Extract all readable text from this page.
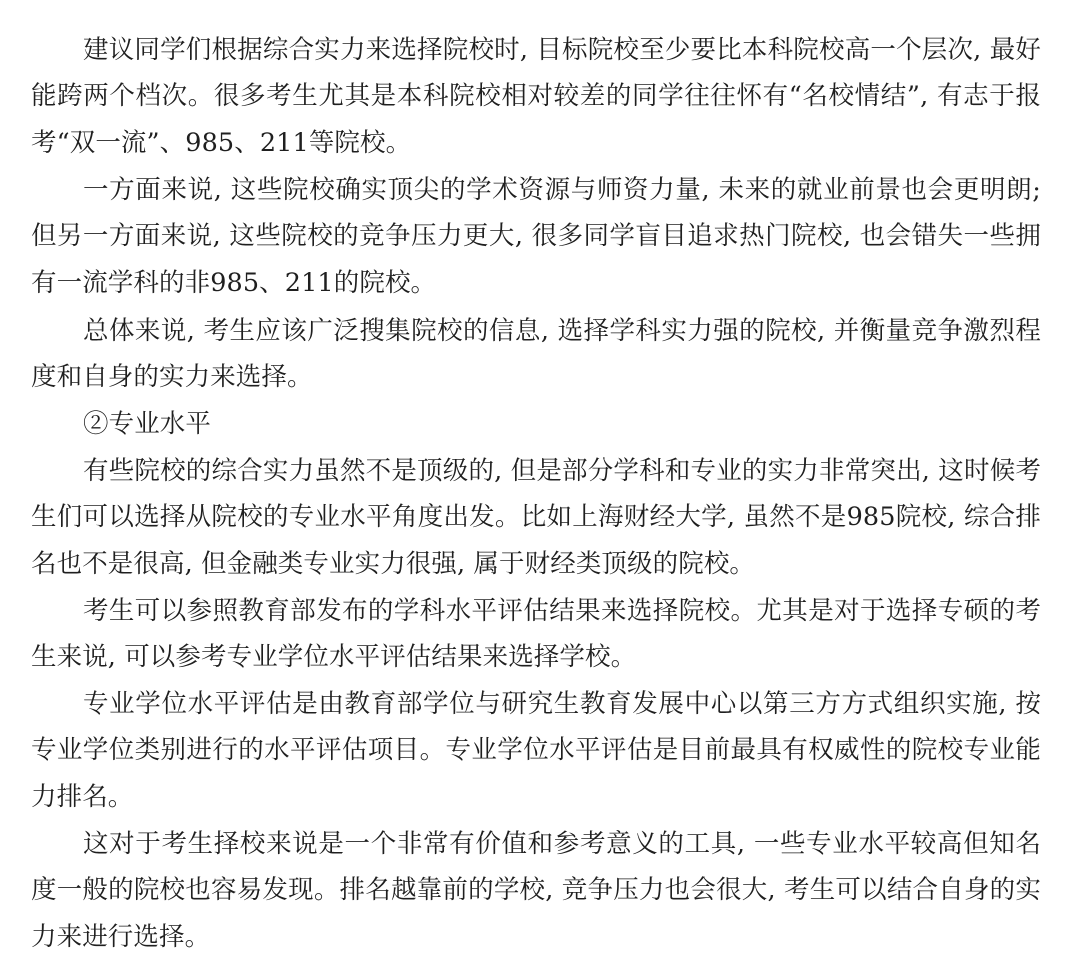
建议同学们根据综合实力来选择院校时, 目标院校至少要比本科院校高一个层次, 最好能跨两个档次。很多考生尤其是本科院校相对较差的同学往往怀有“名校情结”, 有志于报考“双一流”、985、211等院校。

一方面来说, 这些院校确实顶尖的学术资源与师资力量, 未来的就业前景也会更明朗; 但另一方面来说, 这些院校的竞争压力更大, 很多同学盲目追求热门院校, 也会错失一些拥有一流学科的非985、211的院校。

总体来说, 考生应该广泛搜集院校的信息, 选择学科实力强的院校, 并衡量竞争激烈程度和自身的实力来选择。

②专业水平

有些院校的综合实力虽然不是顶级的, 但是部分学科和专业的实力非常突出, 这时候考生们可以选择从院校的专业水平角度出发。比如上海财经大学, 虽然不是985院校, 综合排名也不是很高, 但金融类专业实力很强, 属于财经类顶级的院校。

考生可以参照教育部发布的学科水平评估结果来选择院校。尤其是对于选择专硕的考生来说, 可以参考专业学位水平评估结果来选择学校。

专业学位水平评估是由教育部学位与研究生教育发展中心以第三方方式组织实施, 按专业学位类别进行的水平评估项目。专业学位水平评估是目前最具有权威性的院校专业能力排名。

这对于考生择校来说是一个非常有价值和参考意义的工具, 一些专业水平较高但知名度一般的院校也容易发现。排名越靠前的学校, 竞争压力也会很大, 考生可以结合自身的实力来进行选择。
